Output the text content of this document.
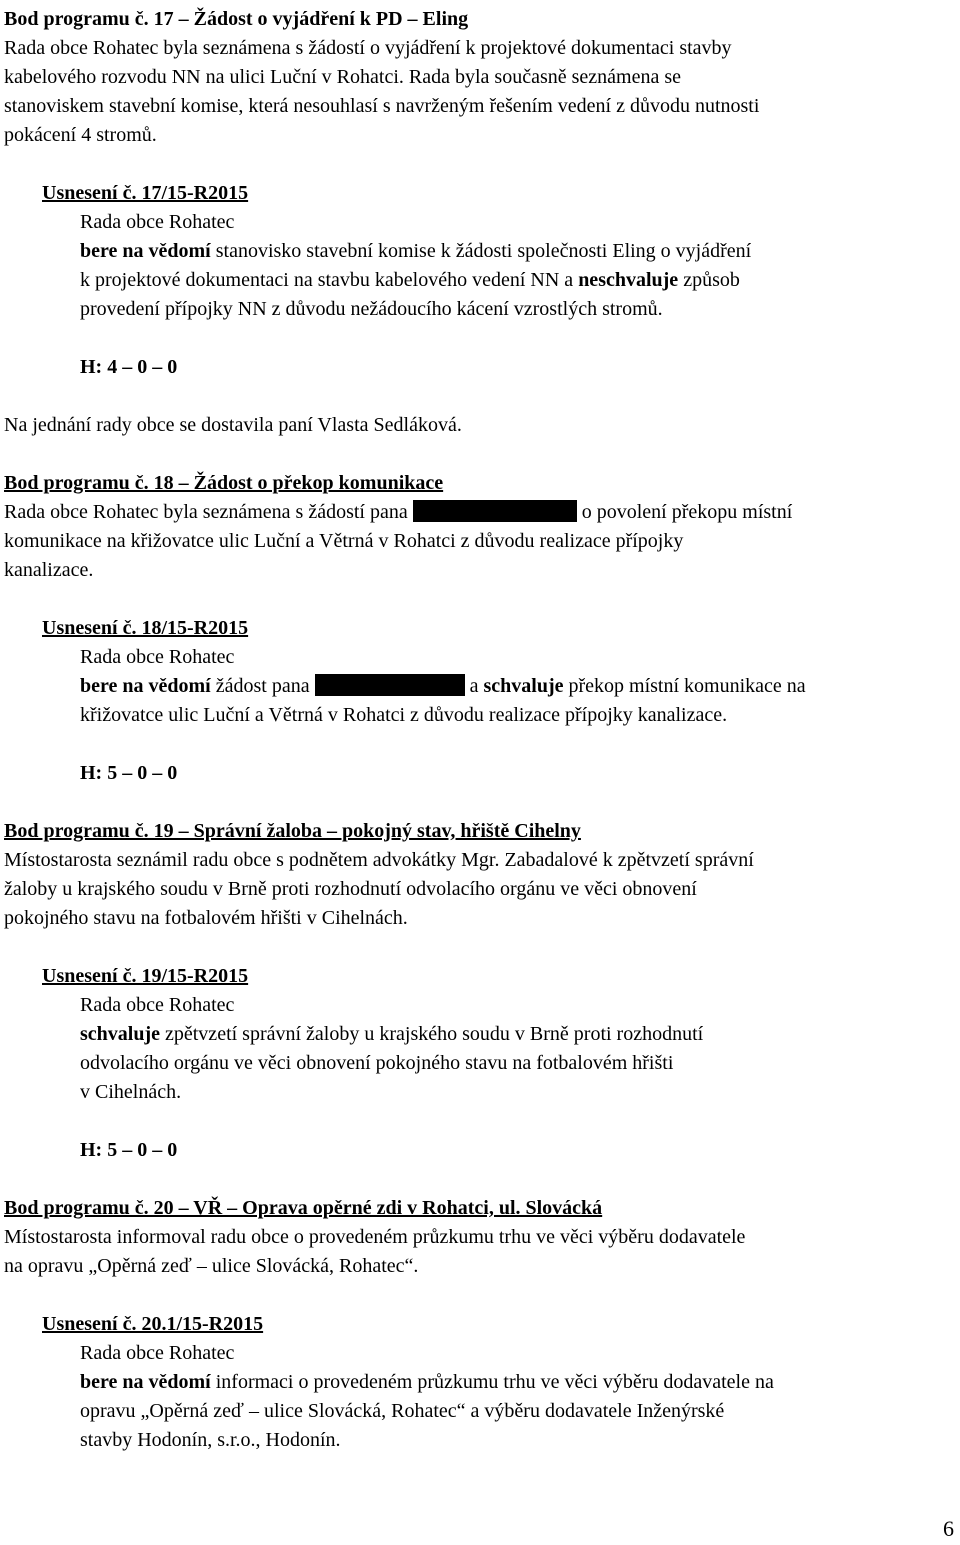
Bod programu č. 17 – Žádost o vyjádření k PD – Eling
Rada obce Rohatec byla seznámena s žádostí o vyjádření k projektové dokumentaci stavby
kabelového rozvodu NN na ulici Luční v Rohatci. Rada byla současně seznámena se
stanoviskem stavební komise, která nesouhlasí s navrženým řešením vedení z důvodu nutnosti
pokácení 4 stromů.
Usnesení č. 17/15-R2015
Rada obce Rohatec
bere na vědomí stanovisko stavební komise k žádosti společnosti Eling o vyjádření
k projektové dokumentaci na stavbu kabelového vedení NN a neschvaluje způsob
provedení přípojky NN z důvodu nežádoucího kácení vzrostlých stromů.
H: 4 – 0 – 0
Na jednání rady obce se dostavila paní Vlasta Sedláková.
Bod programu č. 18 – Žádost o překop komunikace
Rada obce Rohatec byla seznámena s žádostí pana	o povolení překopu místní
komunikace na křižovatce ulic Luční a Větrná v Rohatci z důvodu realizace přípojky
kanalizace.
Usnesení č. 18/15-R2015
Rada obce Rohatec
bere na vědomí žádost pana	a schvaluje překop místní komunikace na
křižovatce ulic Luční a Větrná v Rohatci z důvodu realizace přípojky kanalizace.
H: 5 – 0 – 0
Bod programu č. 19 – Správní žaloba – pokojný stav, hřiště Cihelny
Místostarosta seznámil radu obce s podnětem advokátky Mgr. Zabadalové k zpětvzetí správní
žaloby u krajského soudu v Brně proti rozhodnutí odvolacího orgánu ve věci obnovení
pokojného stavu na fotbalovém hřišti v Cihelnách.
Usnesení č. 19/15-R2015
Rada obce Rohatec
schvaluje zpětvzetí správní žaloby u krajského soudu v Brně proti rozhodnutí
odvolacího orgánu ve věci obnovení pokojného stavu na fotbalovém hřišti
v Cihelnách.
H: 5 – 0 – 0
Bod programu č. 20 – VŘ – Oprava opěrné zdi v Rohatci, ul. Slovácká
Místostarosta informoval radu obce o provedeném průzkumu trhu ve věci výběru dodavatele
na opravu „Opěrná zeď – ulice Slovácká, Rohatec“.
Usnesení č. 20.1/15-R2015
Rada obce Rohatec
bere na vědomí informaci o provedeném průzkumu trhu ve věci výběru dodavatele na
opravu „Opěrná zeď – ulice Slovácká, Rohatec“ a výběru dodavatele Inženýrské
stavby Hodonín, s.r.o., Hodonín.
6
